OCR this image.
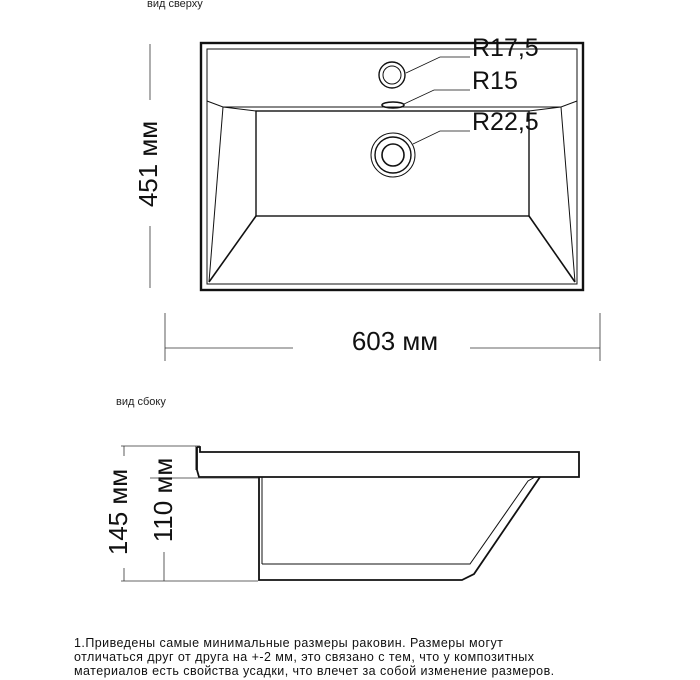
вид сверху
вид сбоку
R17,5
R15
R22,5
451 мм
603 мм
145 мм 110 мм
1.Приведены самые минимальные размеры раковин. Размеры могут
отличаться друг от друга на +-2 мм, это связано с тем, что у композитных
материалов есть свойства усадки, что влечет за собой изменение размеров.
